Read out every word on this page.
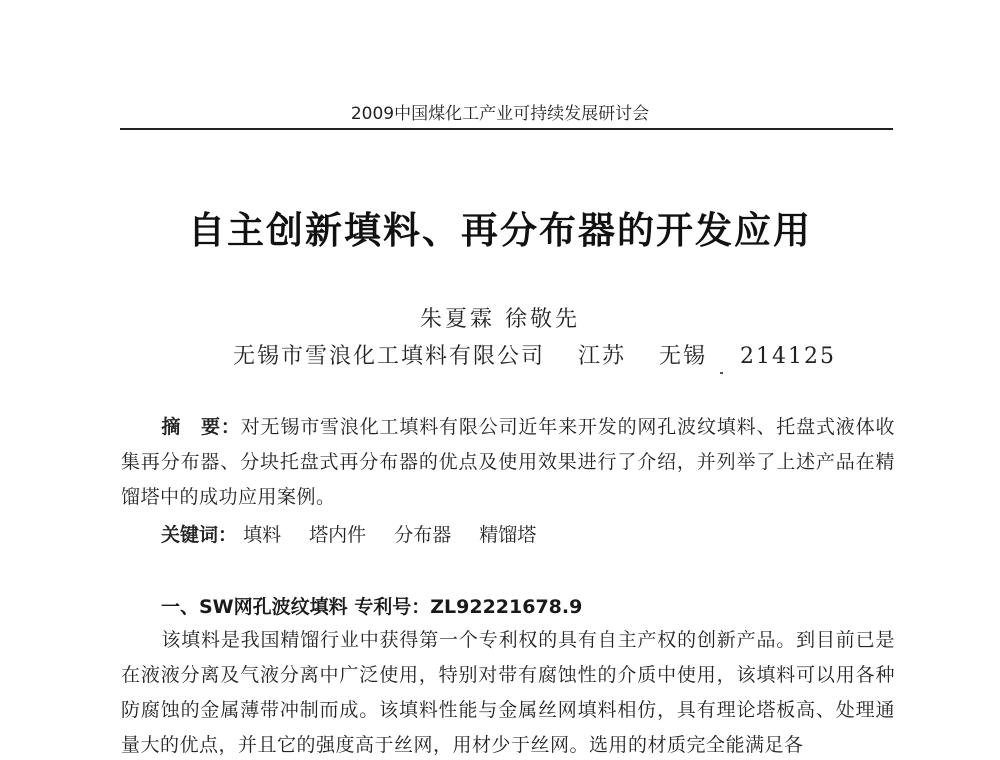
2009中国煤化工产业可持续发展研讨会
自主创新填料、再分布器的开发应用
朱夏霖 徐敬先
无锡市雪浪化工填料有限公司 江苏 无锡 214125
摘　要：对无锡市雪浪化工填料有限公司近年来开发的网孔波纹填料、托盘式液体收集再分布器、分块托盘式再分布器的优点及使用效果进行了介绍，并列举了上述产品在精馏塔中的成功应用案例。
关键词： 填料 塔内件 分布器 精馏塔
一、SW网孔波纹填料 专利号：ZL92221678.9

该填料是我国精馏行业中获得第一个专利权的具有自主产权的创新产品。到目前已是在液液分离及气液分离中广泛使用，特别对带有腐蚀性的介质中使用，该填料可以用各种防腐蚀的金属薄带冲制而成。该填料性能与金属丝网填料相仿，具有理论塔板高、处理通量大的优点，并且它的强度高于丝网，用材少于丝网。选用的材质完全能满足各
